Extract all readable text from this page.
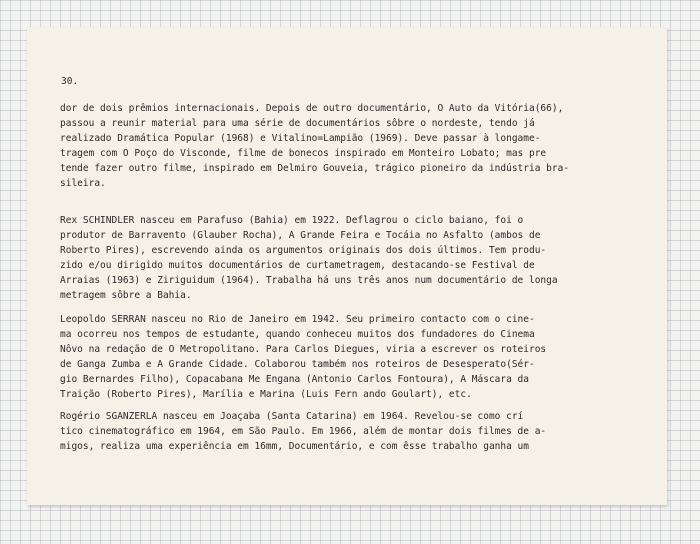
30.
dor de dois prêmios internacionais. Depois de outro documentário, O Auto da Vitória(66),
passou a reunir material para uma série de documentários sôbre o nordeste, tendo já
realizado Dramática Popular (1968) e Vitalino=Lampião (1969). Deve passar à longame-
tragem com O Poço do Visconde, filme de bonecos inspirado em Monteiro Lobato; mas pre
tende fazer outro filme, inspirado em Delmiro Gouveia, trágico pioneiro da indústria bra-
sileira.
Rex SCHINDLER nasceu em Parafuso (Bahia) em 1922. Deflagrou o ciclo baiano, foi o
produtor de Barravento (Glauber Rocha), A Grande Feira e Tocáia no Asfalto (ambos de
Roberto Pires), escrevendo ainda os argumentos originais dos dois últimos. Tem produ-
zido e/ou dirigido muitos documentários de curtametragem, destacando-se Festival de
Arraias (1963) e Ziriguidum (1964). Trabalha há uns três anos num documentário de longa
metragem sôbre a Bahia.
Leopoldo SERRAN nasceu no Rio de Janeiro em 1942. Seu primeiro contacto com o cine-
ma ocorreu nos tempos de estudante, quando conheceu muitos dos fundadores do Cinema
Nôvo na redação de O Metropolitano. Para Carlos Diegues, viria a escrever os roteiros
de Ganga Zumba e A Grande Cidade. Colaborou também nos roteiros de Desesperato(Sér-
gio Bernardes Filho), Copacabana Me Engana (Antonio Carlos Fontoura), A Máscara da
Traição (Roberto Pires), Marília e Marina (Luis Fern ando Goulart), etc.
Rogério SGANZERLA nasceu em Joaçaba (Santa Catarina) em 1964. Revelou-se como crí
tico cinematográfico em 1964, em São Paulo. Em 1966, além de montar dois filmes de a-
migos, realiza uma experiência em 16mm, Documentário, e com êsse trabalho ganha um
